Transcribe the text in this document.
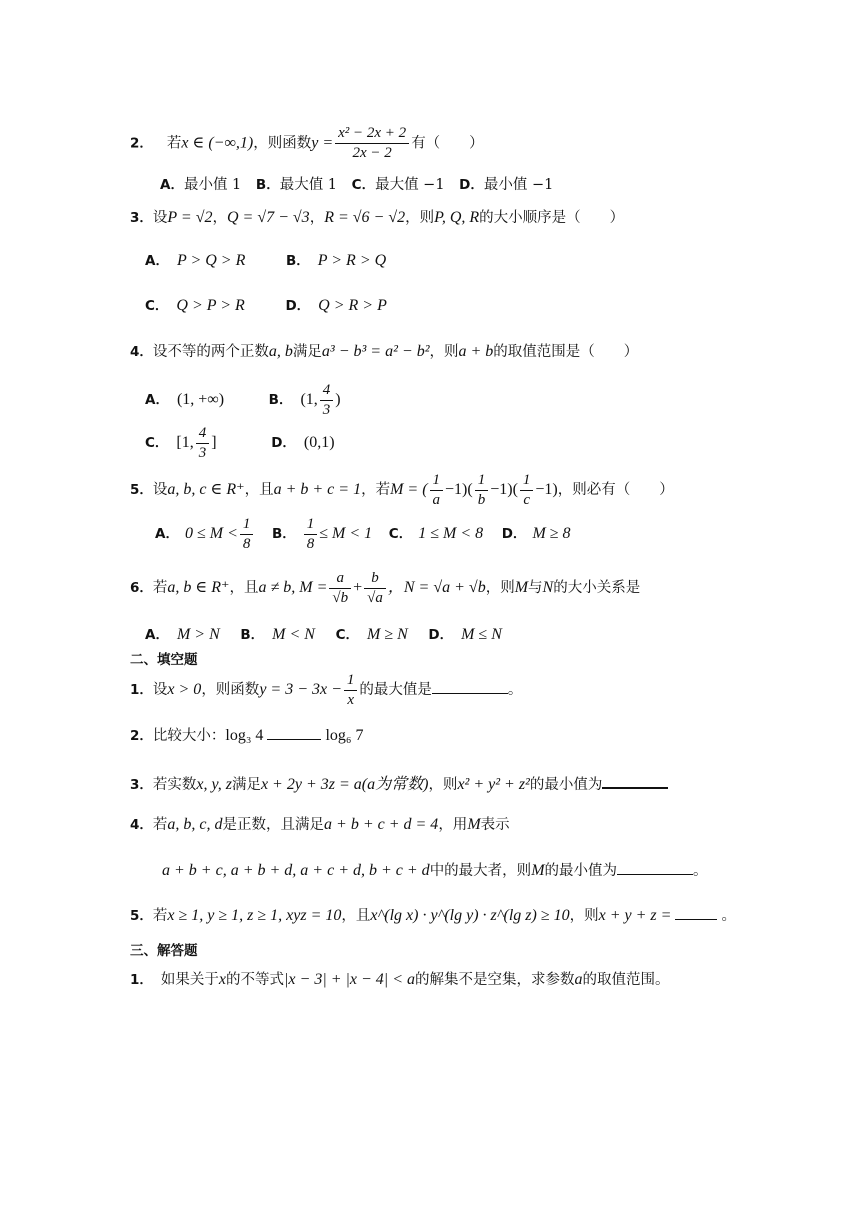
2． 若x ∈ (−∞,1)，则函数$y = \frac{\text{x² − 2x + 2}}{2x - 2}$ 有（　　）
A．最小值 1 B．最大值 1 C．最大值 −1 D．最小值 −1
3．设P = √2，Q = √7 − √3，R = √6 − √2，则P, Q, R的大小顺序是（　　）
A． P > Q > R	B． P > R > Q
C． Q > P > R	D． Q > R > P
4．设不等的两个正数a, b满足a³ − b³ = a² − b²，则a + b的取值范围是（　　）
A． (1, +∞)	B． (1, $\frac{4}{3}$ )
C． [1, $\frac{4}{3}$ ]	D． (0,1)
5．设a, b, c ∈ R⁺，且a + b + c = 1，若M = ( $\frac{1}{a} -1)( \frac{1}{b} -1)( \frac{1}{c} -1)$，则必有（　　）
A． $0 \le M < \frac{1}{8}$ B． $\frac{1}{8} \le M < 1$ C． 1 ≤ M < 8 D． M ≥ 8
6．若a, b ∈ R⁺，且a ≠ b, $M = \frac{a}{√b} + \frac{b}{√a}$ ，N = √a + √b，则M与N的大小关系是
A． M > N B． M < N C． M ≥ N D． M ≤ N
二、填空题
1．设x > 0，则函数$y = 3 - 3x - \frac{1}{x}$ 的最大值是	。
2．比较大小：log₃ 4	log₆ 7
3．若实数x, y, z满足x + 2y + 3z = a(a为常数)，则x² + y² + z²的最小值为
4．若a, b, c, d是正数，且满足a + b + c + d = 4，用M表示
a + b + c, a + b + d, a + c + d, b + c + d中的最大者，则M的最小值为	。
5．若x ≥ 1, y ≥ 1, z ≥ 1, xyz = 10，且x^(lg x) · y^(lg y) · z^(lg z) ≥ 10，则x + y + z =	。
三、解答题
1． 如果关于x的不等式|x − 3| + |x − 4| < a的解集不是空集，求参数a的取值范围。
